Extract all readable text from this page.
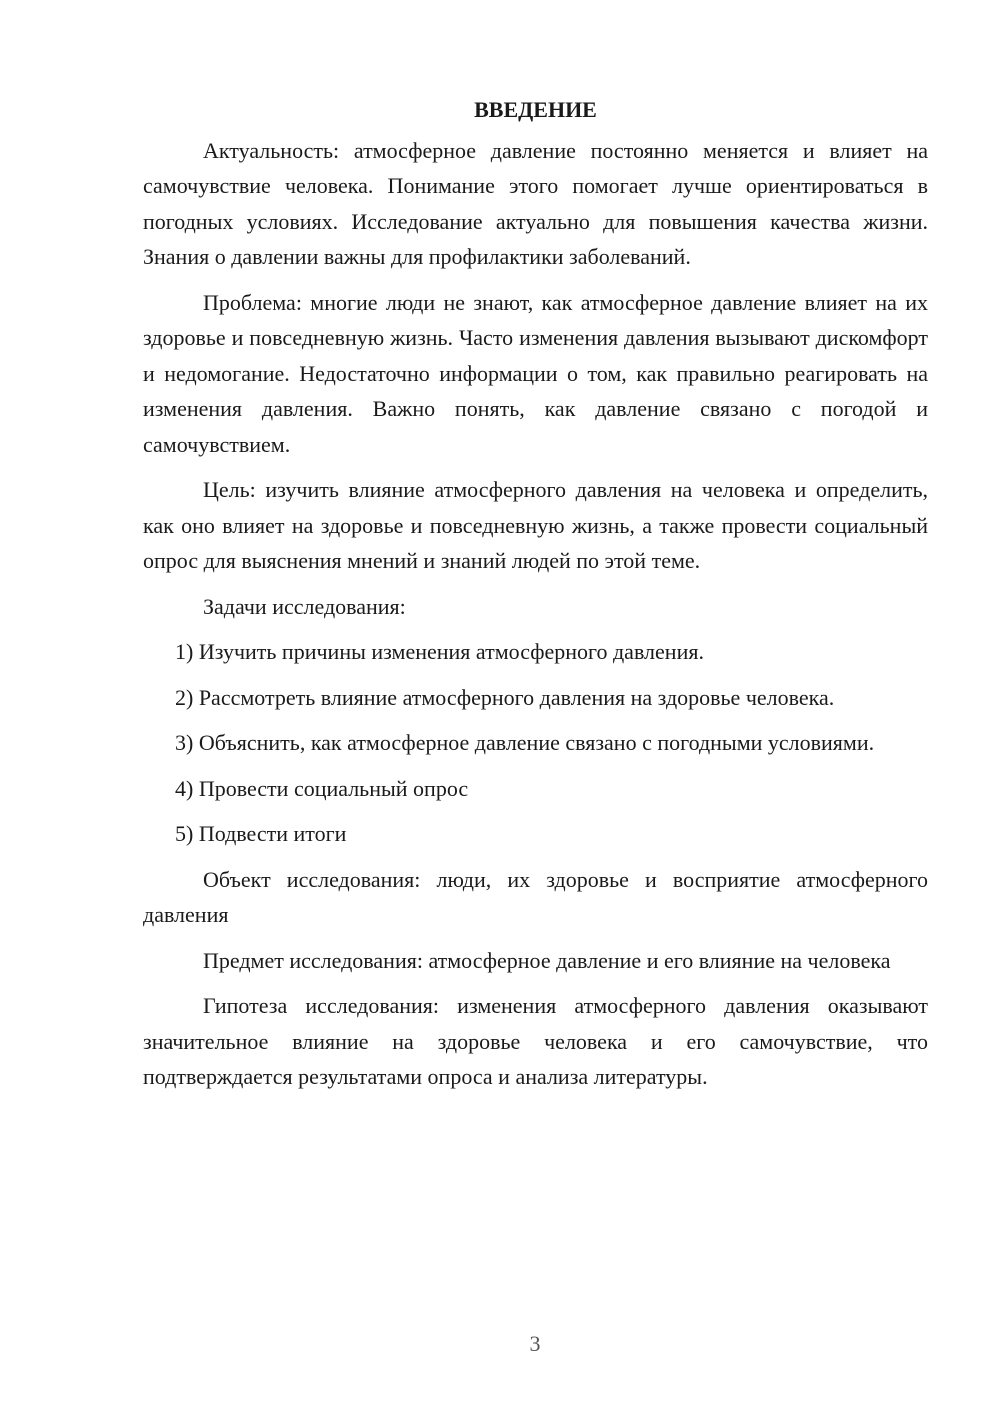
ВВЕДЕНИЕ

Актуальность: атмосферное давление постоянно меняется и влияет на самочувствие человека. Понимание этого помогает лучше ориентироваться в погодных условиях. Исследование актуально для повышения качества жизни. Знания о давлении важны для профилактики заболеваний.

Проблема: многие люди не знают, как атмосферное давление влияет на их здоровье и повседневную жизнь. Часто изменения давления вызывают дискомфорт и недомогание. Недостаточно информации о том, как правильно реагировать на изменения давления. Важно понять, как давление связано с погодой и самочувствием.

Цель: изучить влияние атмосферного давления на человека и определить, как оно влияет на здоровье и повседневную жизнь, а также провести социальный опрос для выяснения мнений и знаний людей по этой теме.

Задачи исследования:

1) Изучить причины изменения атмосферного давления.

2) Рассмотреть влияние атмосферного давления на здоровье человека.

3) Объяснить, как атмосферное давление связано с погодными условиями.

4) Провести социальный опрос

5) Подвести итоги

Объект исследования: люди, их здоровье и восприятие атмосферного давления

Предмет исследования: атмосферное давление и его влияние на человека

Гипотеза исследования: изменения атмосферного давления оказывают значительное влияние на здоровье человека и его самочувствие, что подтверждается результатами опроса и анализа литературы.

3
